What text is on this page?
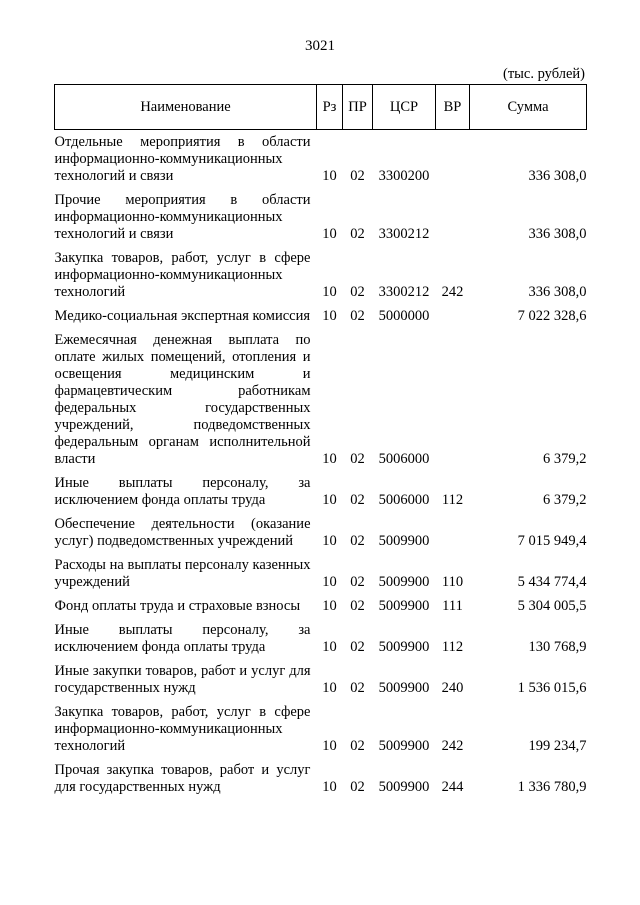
3021
(тыс. рублей)
Наименование	Рз	ПР	ЦСР	ВР	Сумма
Отдельные мероприятия в области информационно-коммуникационных технологий и связи	10	02	3300200		336 308,0
Прочие мероприятия в области информационно-коммуникационных технологий и связи	10	02	3300212		336 308,0
Закупка товаров, работ, услуг в сфере информационно-коммуникационных технологий	10	02	3300212	242	336 308,0
Медико-социальная экспертная комиссия	10	02	5000000		7 022 328,6
Ежемесячная денежная выплата по оплате жилых помещений, отопления и освещения медицинским и фармацевтическим работникам федеральных государственных учреждений, подведомственных федеральным органам исполнительной власти	10	02	5006000		6 379,2
Иные выплаты персоналу, за исключением фонда оплаты труда	10	02	5006000	112	6 379,2
Обеспечение деятельности (оказание услуг) подведомственных учреждений	10	02	5009900		7 015 949,4
Расходы на выплаты персоналу казенных учреждений	10	02	5009900	110	5 434 774,4
Фонд оплаты труда и страховые взносы	10	02	5009900	111	5 304 005,5
Иные выплаты персоналу, за исключением фонда оплаты труда	10	02	5009900	112	130 768,9
Иные закупки товаров, работ и услуг для государственных нужд	10	02	5009900	240	1 536 015,6
Закупка товаров, работ, услуг в сфере информационно-коммуникационных технологий	10	02	5009900	242	199 234,7
Прочая закупка товаров, работ и услуг для государственных нужд	10	02	5009900	244	1 336 780,9
